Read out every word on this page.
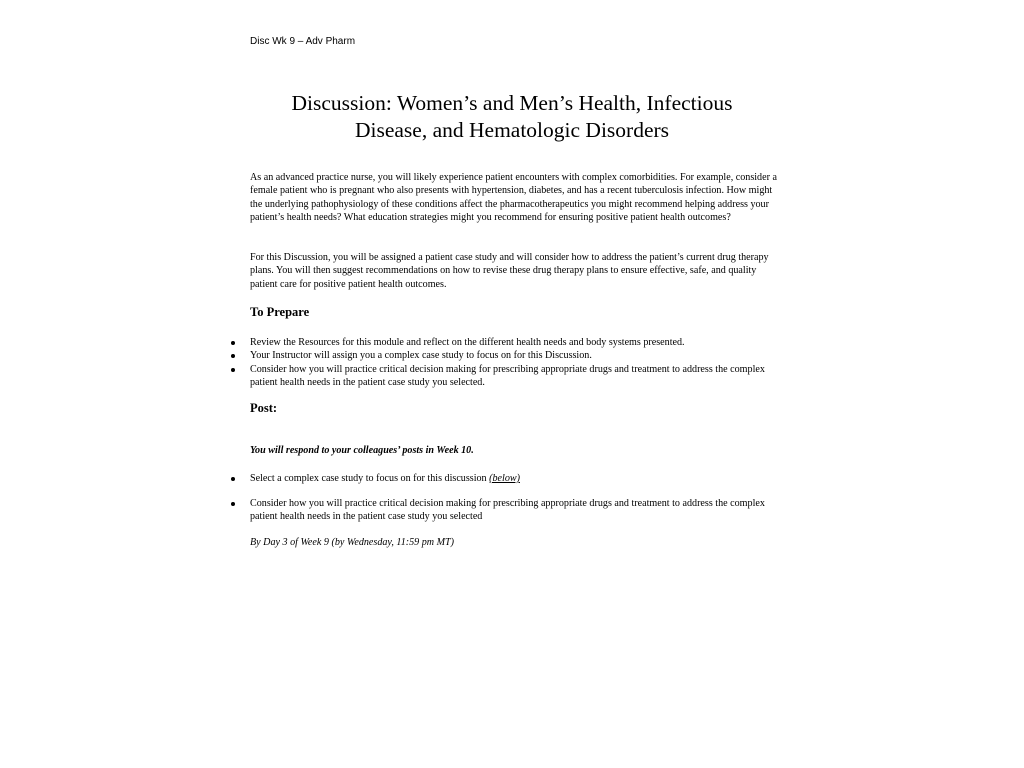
Disc Wk 9 – Adv Pharm
Discussion: Women’s and Men’s Health, Infectious
Disease, and Hematologic Disorders

As an advanced practice nurse, you will likely experience patient encounters with complex comorbidities. For example, consider a female patient who is pregnant who also presents with hypertension, diabetes, and has a recent tuberculosis infection. How might the underlying pathophysiology of these conditions affect the pharmacotherapeutics you might recommend helping address your patient’s health needs? What education strategies might you recommend for ensuring positive patient health outcomes?

For this Discussion, you will be assigned a patient case study and will consider how to address the patient’s current drug therapy plans. You will then suggest recommendations on how to revise these drug therapy plans to ensure effective, safe, and quality patient care for positive patient health outcomes.

To Prepare
Review the Resources for this module and reflect on the different health needs and body systems presented.
Your Instructor will assign you a complex case study to focus on for this Discussion.
Consider how you will practice critical decision making for prescribing appropriate drugs and treatment to address the complex patient health needs in the patient case study you selected.
Post:

You will respond to your colleagues’ posts in Week 10.

Select a complex case study to focus on for this discussion (below)
Consider how you will practice critical decision making for prescribing appropriate drugs and treatment to address the complex patient health needs in the patient case study you selected

By Day 3 of Week 9 (by Wednesday, 11:59 pm MT)
